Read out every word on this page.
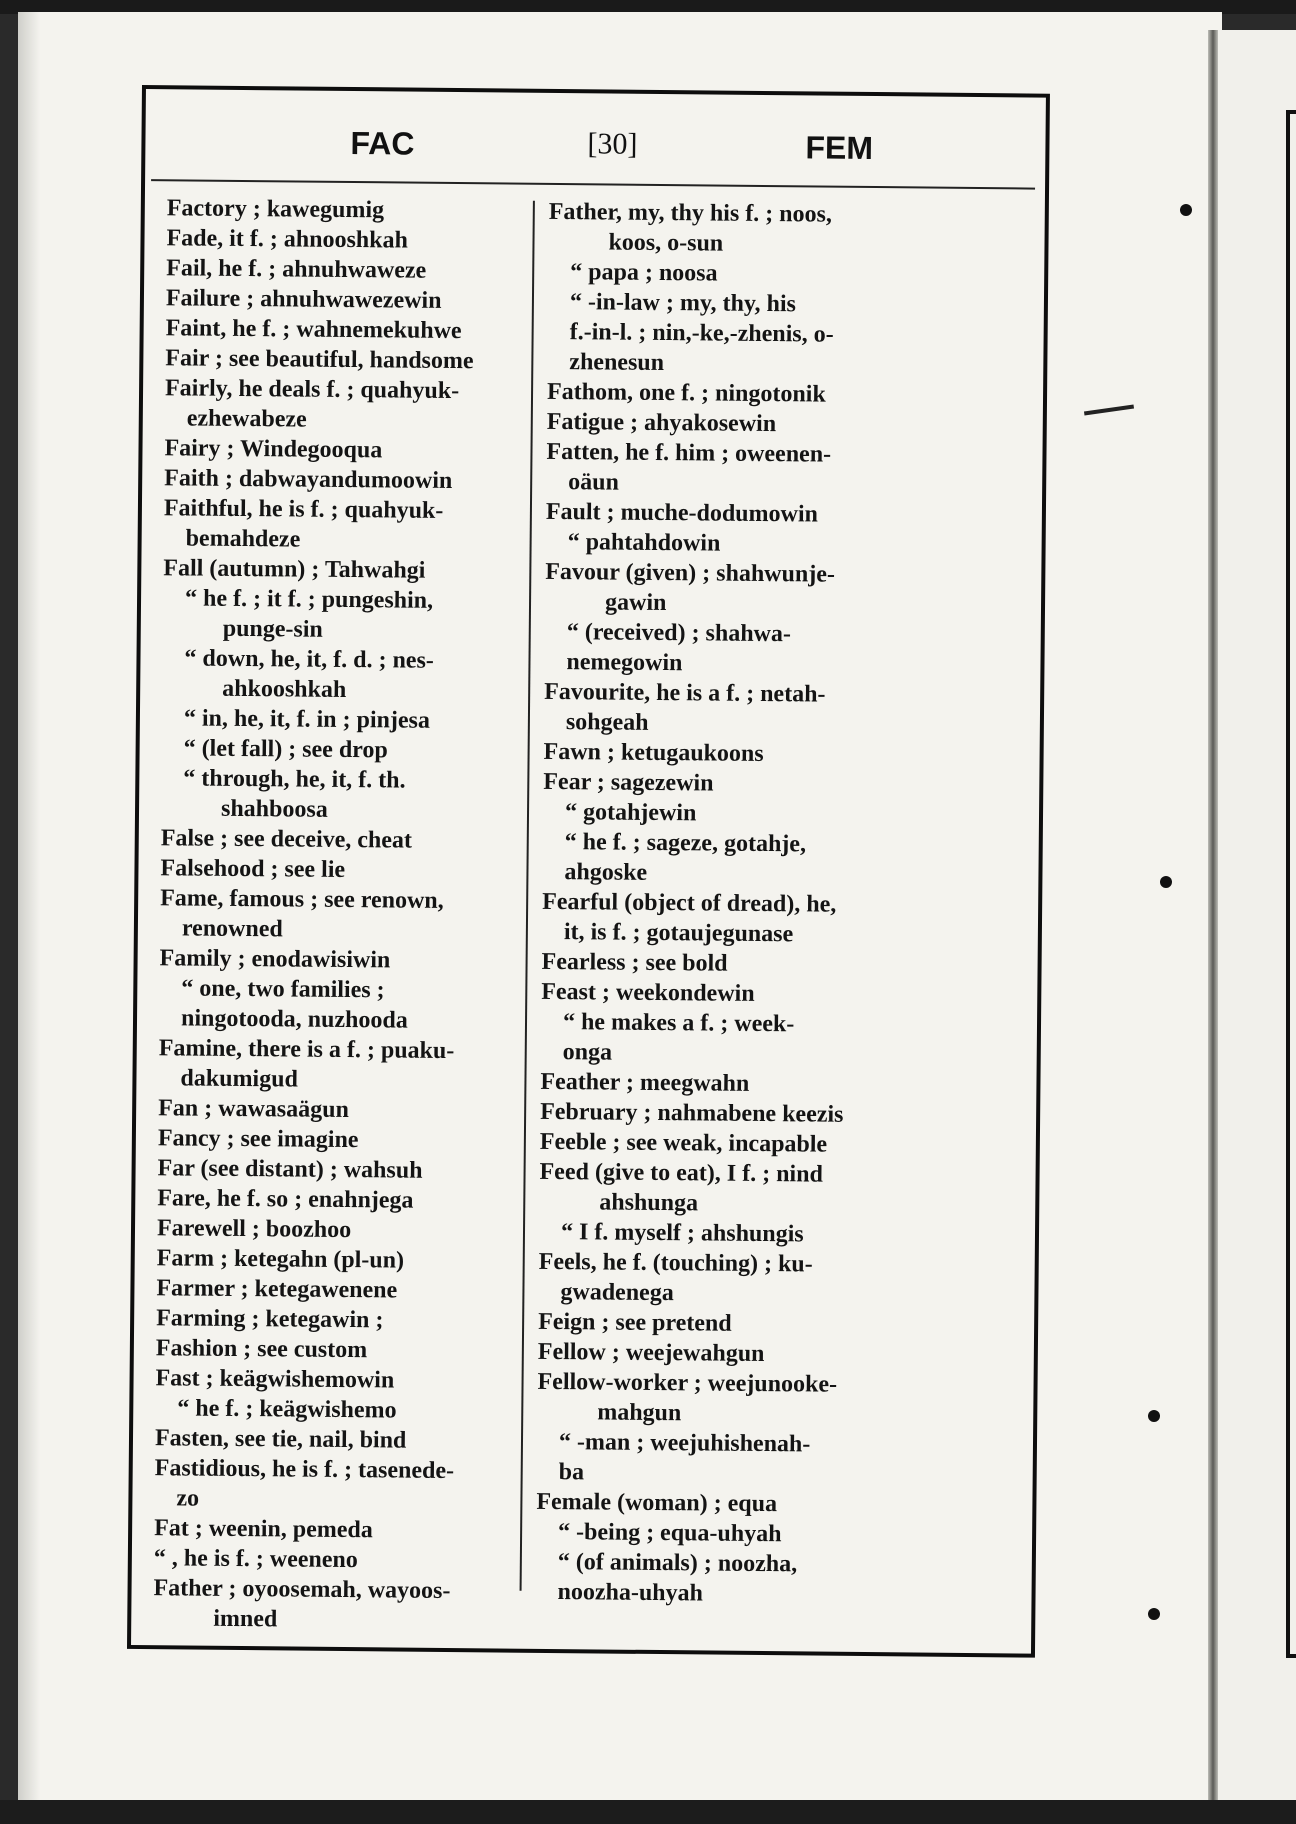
FAC	[30]	FEM

Factory ; kawegumig

Fade, it f. ; ahnooshkah

Fail, he f. ; ahnuhwaweze

Failure ; ahnuhwawezewin

Faint, he f. ; wahnemekuhwe

Fair ; see beautiful, handsome

Fairly, he deals f. ; quahyuk-

ezhewabeze

Fairy ; Windegooqua

Faith ; dabwayandumoowin

Faithful, he is f. ; quahyuk-

bemahdeze

Fall (autumn) ; Tahwahgi

“ he f. ; it f. ; pungeshin,

punge-sin

“ down, he, it, f. d. ; nes-

ahkooshkah

“ in, he, it, f. in ; pinjesa

“ (let fall) ; see drop

“ through, he, it, f. th.

shahboosa

False ; see deceive, cheat

Falsehood ; see lie

Fame, famous ; see renown,

renowned

Family ; enodawisiwin

“ one, two families ;

ningotooda, nuzhooda

Famine, there is a f. ; puaku-

dakumigud

Fan ; wawasaägun

Fancy ; see imagine

Far (see distant) ; wahsuh

Fare, he f. so ; enahnjega

Farewell ; boozhoo

Farm ; ketegahn (pl-un)

Farmer ; ketegawenene

Farming ; ketegawin ;

Fashion ; see custom

Fast ; keägwishemowin

“ he f. ; keägwishemo

Fasten, see tie, nail, bind

Fastidious, he is f. ; tasenede-

zo

Fat ; weenin, pemeda

“ , he is f. ; weeneno

Father ; oyoosemah, wayoos-

imned

Father, my, thy his f. ; noos,

koos, o-sun

“ papa ; noosa

“ -in-law ; my, thy, his

f.-in-l. ; nin,-ke,-zhenis, o-

zhenesun

Fathom, one f. ; ningotonik

Fatigue ; ahyakosewin

Fatten, he f. him ; oweenen-

oäun

Fault ; muche-dodumowin

“ pahtahdowin

Favour (given) ; shahwunje-

gawin

“ (received) ; shahwa-

nemegowin

Favourite, he is a f. ; netah-

sohgeah

Fawn ; ketugaukoons

Fear ; sagezewin

“ gotahjewin

“ he f. ; sageze, gotahje,

ahgoske

Fearful (object of dread), he,

it, is f. ; gotaujegunase

Fearless ; see bold

Feast ; weekondewin

“ he makes a f. ; week-

onga

Feather ; meegwahn

February ; nahmabene keezis

Feeble ; see weak, incapable

Feed (give to eat), I f. ; nind

ahshunga

“ I f. myself ; ahshungis

Feels, he f. (touching) ; ku-

gwadenega

Feign ; see pretend

Fellow ; weejewahgun

Fellow-worker ; weejunooke-

mahgun

“ -man ; weejuhishenah-

ba

Female (woman) ; equa

“ -being ; equa-uhyah

“ (of animals) ; noozha,

noozha-uhyah
